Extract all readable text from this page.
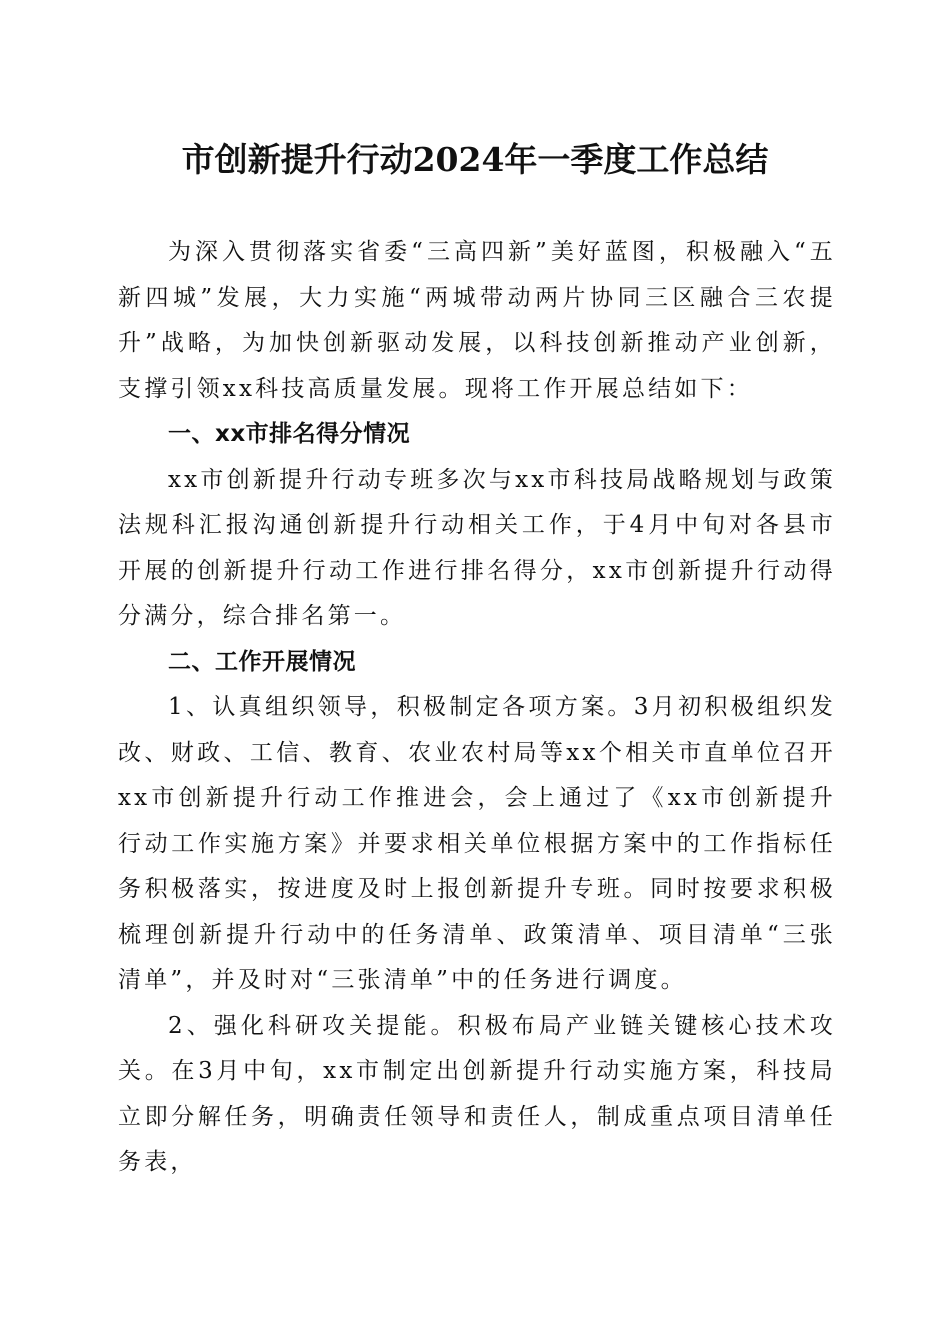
市创新提升行动2024年一季度工作总结

为深入贯彻落实省委“三高四新”美好蓝图，积极融入“五新四城”发展，大力实施“两城带动两片协同三区融合三农提升”战略，为加快创新驱动发展，以科技创新推动产业创新，支撑引领xx科技高质量发展。现将工作开展总结如下：

一、xx市排名得分情况

xx市创新提升行动专班多次与xx市科技局战略规划与政策法规科汇报沟通创新提升行动相关工作，于4月中旬对各县市开展的创新提升行动工作进行排名得分，xx市创新提升行动得分满分，综合排名第一。

二、工作开展情况

1、认真组织领导，积极制定各项方案。3月初积极组织发改、财政、工信、教育、农业农村局等xx个相关市直单位召开xx市创新提升行动工作推进会，会上通过了《xx市创新提升行动工作实施方案》并要求相关单位根据方案中的工作指标任务积极落实，按进度及时上报创新提升专班。同时按要求积极梳理创新提升行动中的任务清单、政策清单、项目清单“三张清单”，并及时对“三张清单”中的任务进行调度。

2、强化科研攻关提能。积极布局产业链关键核心技术攻关。在3月中旬，xx市制定出创新提升行动实施方案，科技局立即分解任务，明确责任领导和责任人，制成重点项目清单任务表，
